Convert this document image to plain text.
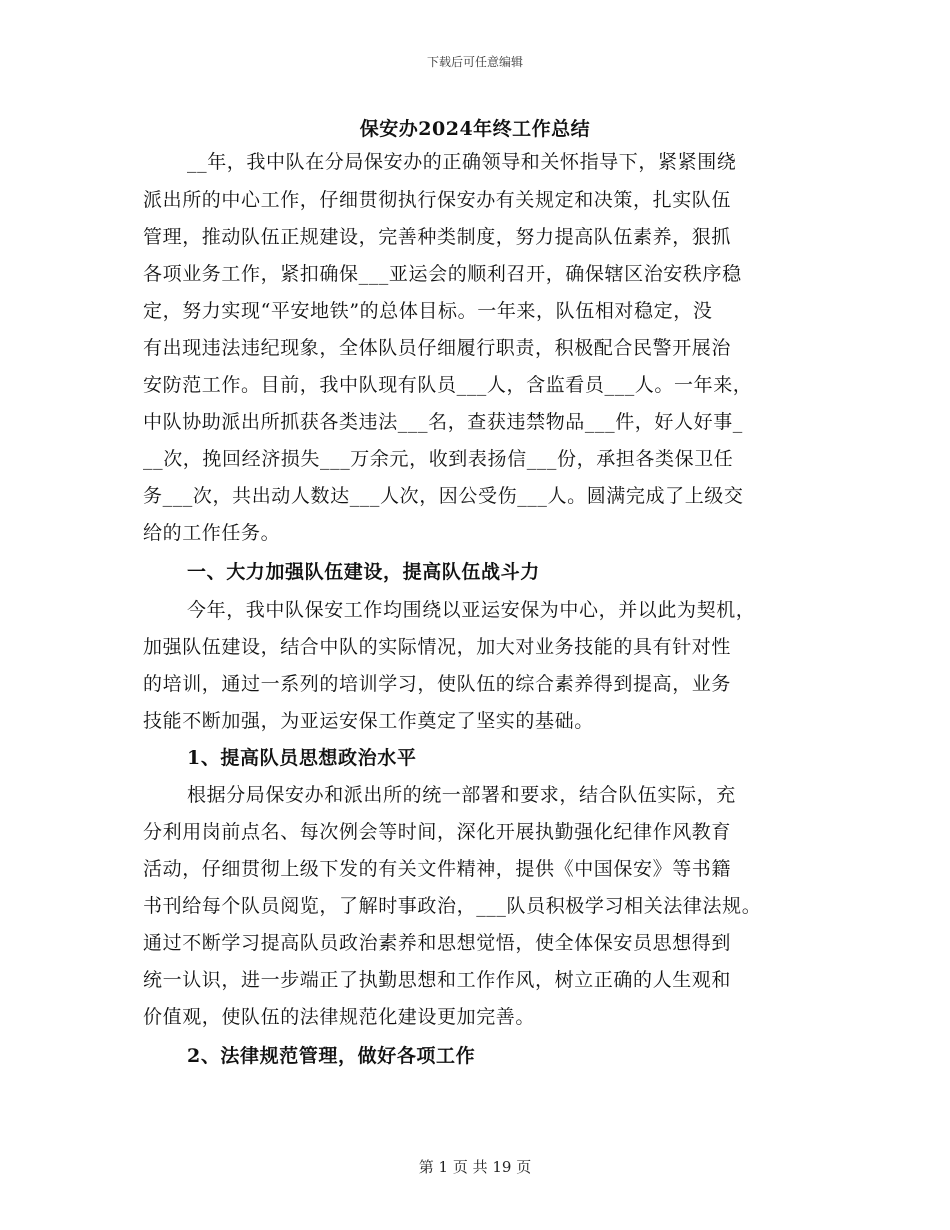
下载后可任意编辑
保安办2024年终工作总结
__年，我中队在分局保安办的正确领导和关怀指导下，紧紧围绕
派出所的中心工作，仔细贯彻执行保安办有关规定和决策，扎实队伍
管理，推动队伍正规建设，完善种类制度，努力提高队伍素养，狠抓
各项业务工作，紧扣确保___亚运会的顺利召开，确保辖区治安秩序稳
定，努力实现“平安地铁”的总体目标。一年来，队伍相对稳定，没
有出现违法违纪现象，全体队员仔细履行职责，积极配合民警开展治
安防范工作。目前，我中队现有队员___人，含监看员___人。一年来，
中队协助派出所抓获各类违法___名，查获违禁物品___件，好人好事_
__次，挽回经济损失___万余元，收到表扬信___份，承担各类保卫任
务___次，共出动人数达___人次，因公受伤___人。圆满完成了上级交
给的工作任务。
一、大力加强队伍建设，提高队伍战斗力
今年，我中队保安工作均围绕以亚运安保为中心，并以此为契机，
加强队伍建设，结合中队的实际情况，加大对业务技能的具有针对性
的培训，通过一系列的培训学习，使队伍的综合素养得到提高，业务
技能不断加强，为亚运安保工作奠定了坚实的基础。
1、提高队员思想政治水平
根据分局保安办和派出所的统一部署和要求，结合队伍实际，充
分利用岗前点名、每次例会等时间，深化开展执勤强化纪律作风教育
活动，仔细贯彻上级下发的有关文件精神，提供《中国保安》等书籍
书刊给每个队员阅览，了解时事政治，___队员积极学习相关法律法规。
通过不断学习提高队员政治素养和思想觉悟，使全体保安员思想得到
统一认识，进一步端正了执勤思想和工作作风，树立正确的人生观和
价值观，使队伍的法律规范化建设更加完善。
2、法律规范管理，做好各项工作
第 1 页 共 19 页
